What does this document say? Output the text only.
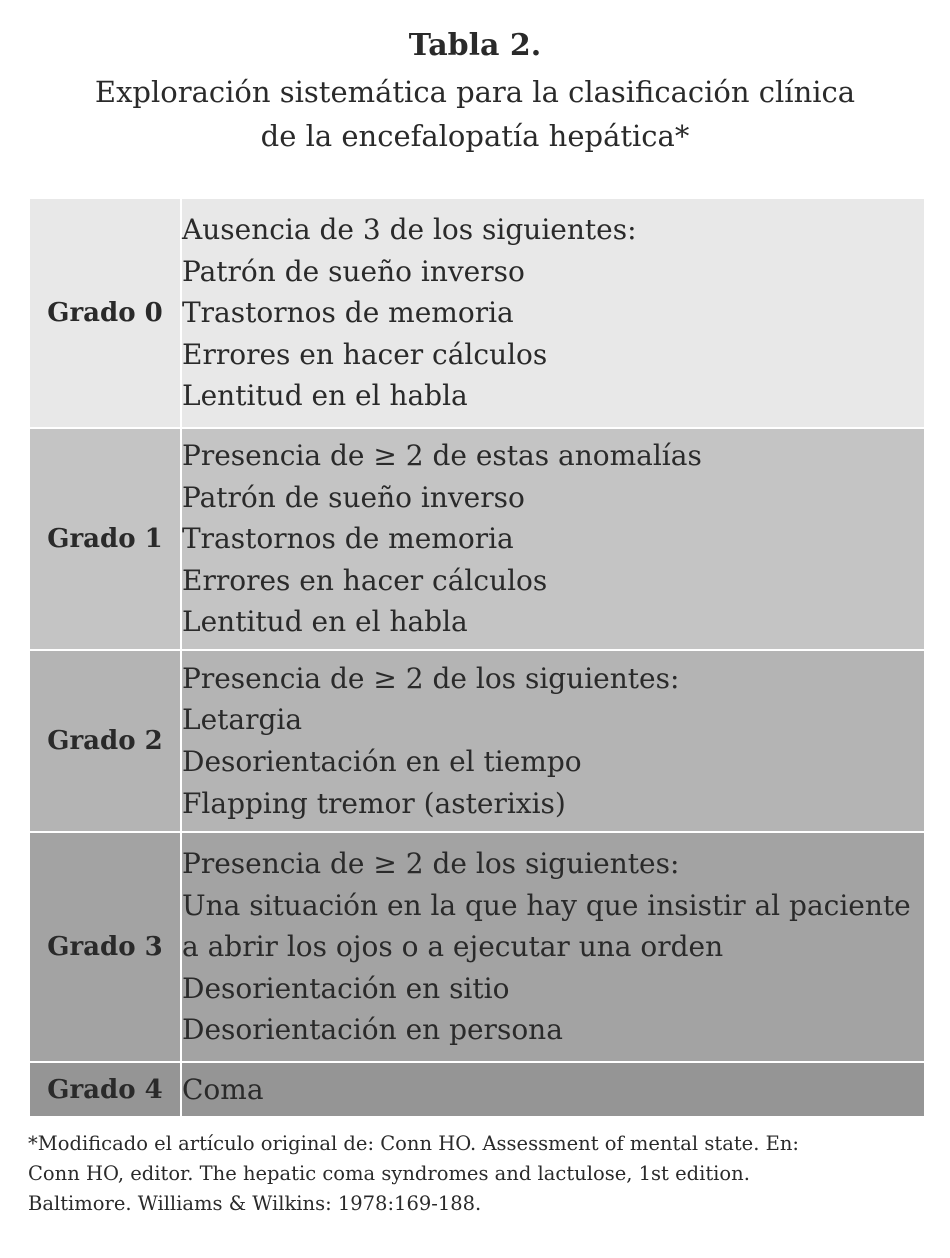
Tabla 2.
Exploración sistemática para la clasificación clínica
de la encefalopatía hepática*
Grado 0	Ausencia de 3 de los siguientes:
Patrón de sueño inverso
Trastornos de memoria
Errores en hacer cálculos
Lentitud en el habla

Grado 1	Presencia de ≥ 2 de estas anomalías
Patrón de sueño inverso
Trastornos de memoria
Errores en hacer cálculos
Lentitud en el habla

Grado 2	Presencia de ≥ 2 de los siguientes:
Letargia
Desorientación en el tiempo
Flapping tremor (asterixis)

Grado 3	Presencia de ≥ 2 de los siguientes:
Una situación en la que hay que insistir al paciente
a abrir los ojos o a ejecutar una orden
Desorientación en sitio
Desorientación en persona

Grado 4	Coma
*Modificado el artículo original de: Conn HO. Assessment of mental state. En:
Conn HO, editor. The hepatic coma syndromes and lactulose, 1st edition.
Baltimore. Williams & Wilkins: 1978:169-188.
